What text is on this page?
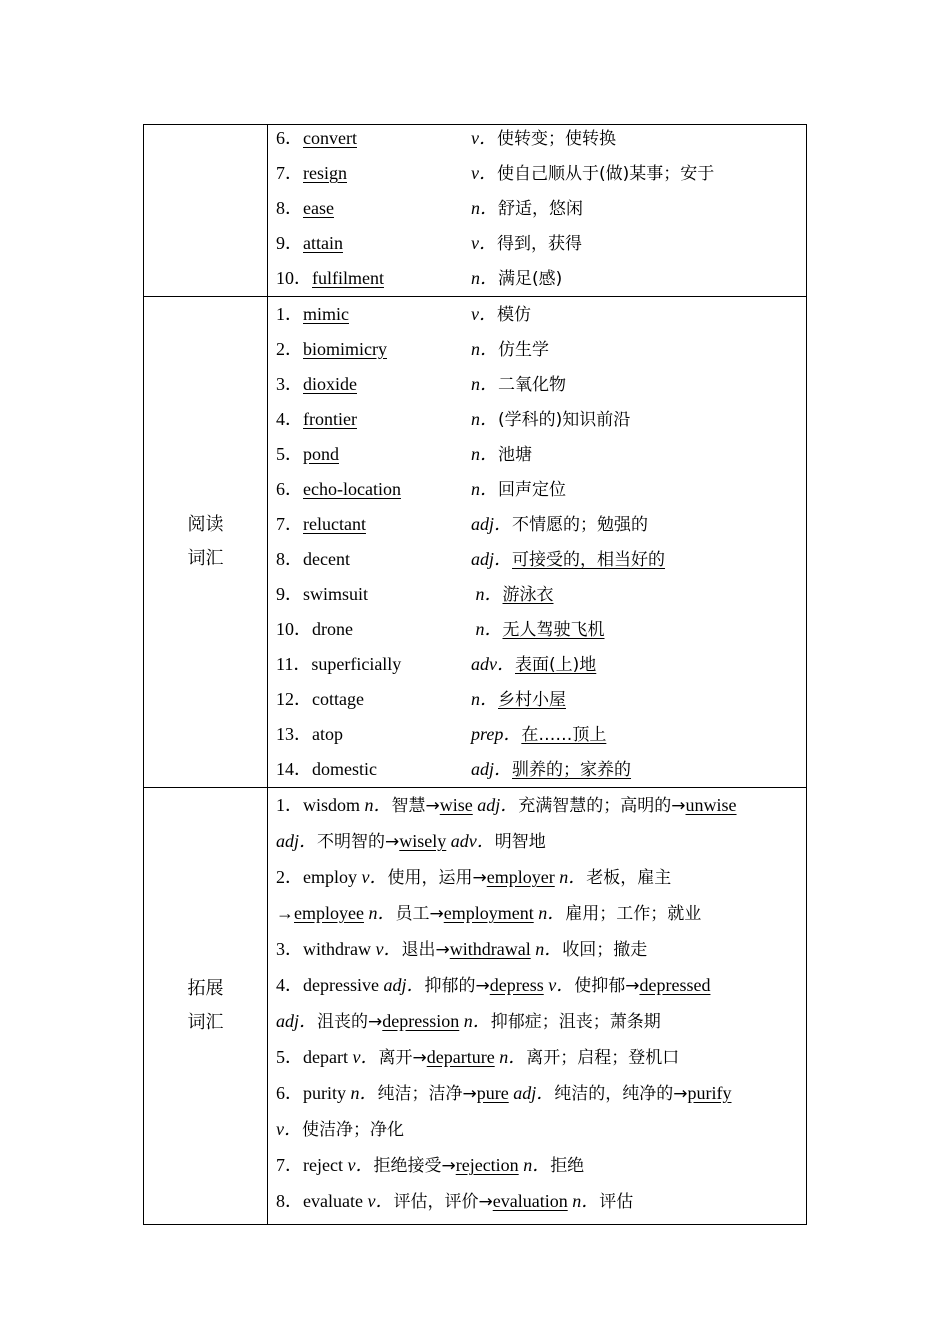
6．convert	v．使转变；使转换
7．resign	v．使自己顺从于(做)某事；安于
8．ease	n．舒适，悠闲
9．attain	v．得到，获得
10．fulfilment	n．满足(感)
阅读
词汇
1．mimic	v．模仿
2．biomimicry	n．仿生学
3．dioxide	n．二氧化物
4．frontier	n．(学科的)知识前沿
5．pond	n．池塘
6．echo-location	n．回声定位
7．reluctant	adj．不情愿的；勉强的
8．decent	adj．可接受的，相当好的
9．swimsuit	n．游泳衣
10．drone	n．无人驾驶飞机
11．superficially	adv．表面(上)地
12．cottage	n．乡村小屋
13．atop	prep．在……顶上
14．domestic	adj．驯养的；家养的
拓展
词汇
1．wisdom n．智慧→wise adj．充满智慧的；高明的→unwise
adj．不明智的→wisely adv．明智地
2．employ v．使用，运用→employer n．老板，雇主
→employee n．员工→employment n．雇用；工作；就业
3．withdraw v．退出→withdrawal n．收回；撤走
4．depressive adj．抑郁的→depress v．使抑郁→depressed
adj．沮丧的→depression n．抑郁症；沮丧；萧条期
5．depart v．离开→departure n．离开；启程；登机口
6．purity n．纯洁；洁净→pure adj．纯洁的，纯净的→purify
v．使洁净；净化
7．reject v．拒绝接受→rejection n．拒绝
8．evaluate v．评估，评价→evaluation n．评估
